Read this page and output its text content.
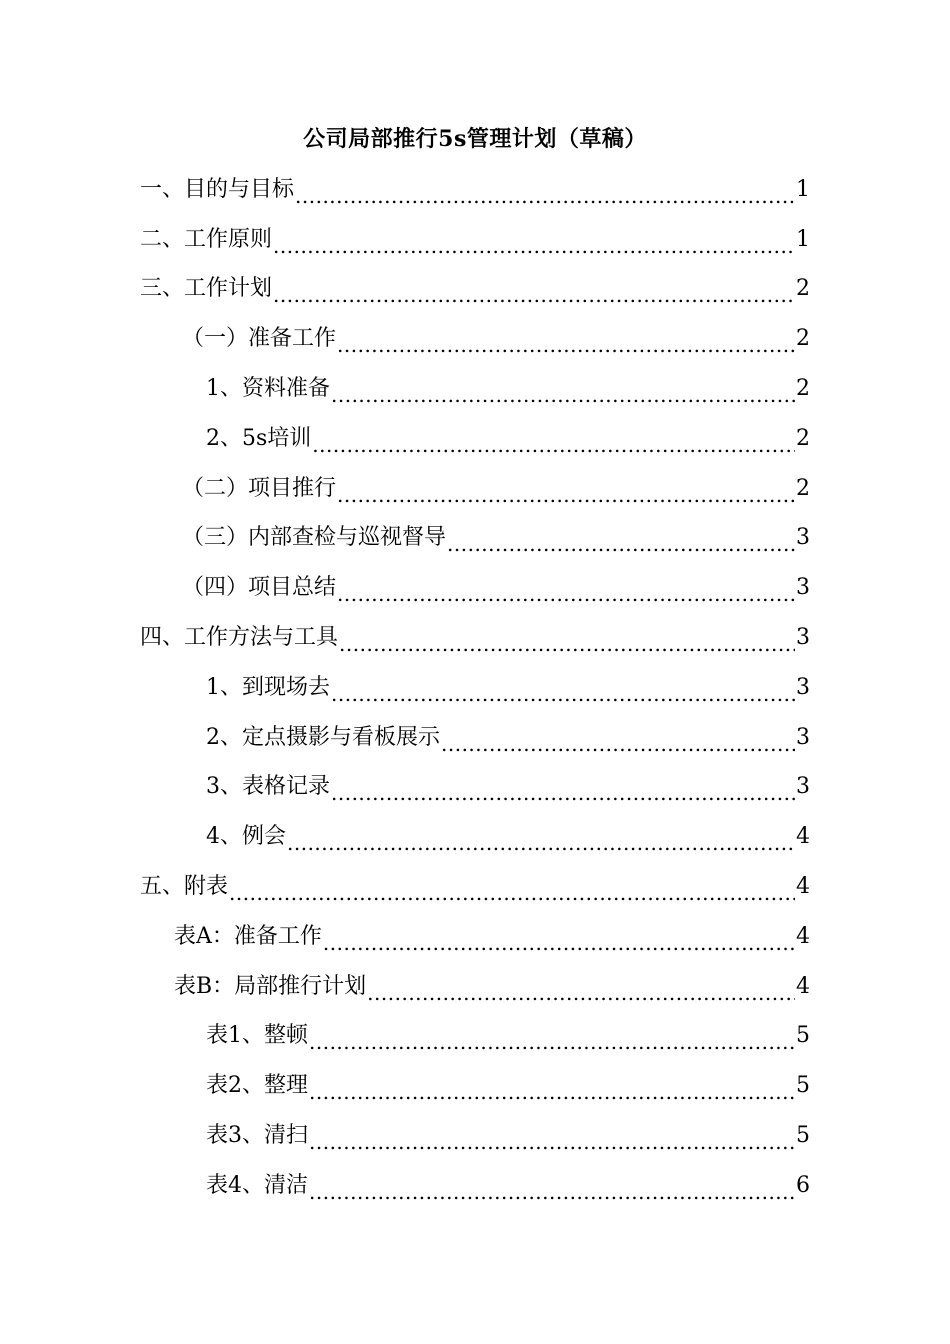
公司局部推行5s管理计划（草稿）
一、目的与目标 .....	1
二、工作原则 .....	1
三、工作计划 .....	2
（一）准备工作 .....	2
1、资料准备 .....	2
2、5s培训 .....	2
（二）项目推行 .....	2
（三）内部查检与巡视督导 .....	3
（四）项目总结 .....	3
四、工作方法与工具 .....	3
1、到现场去 .....	3
2、定点摄影与看板展示 .....	3
3、表格记录 .....	3
4、例会 .....	4
五、附表 .....	4
表A：准备工作 .....	4
表B：局部推行计划 .....	4
表1、整顿 .....	5
表2、整理 .....	5
表3、清扫 .....	5
表4、清洁 .....	6
